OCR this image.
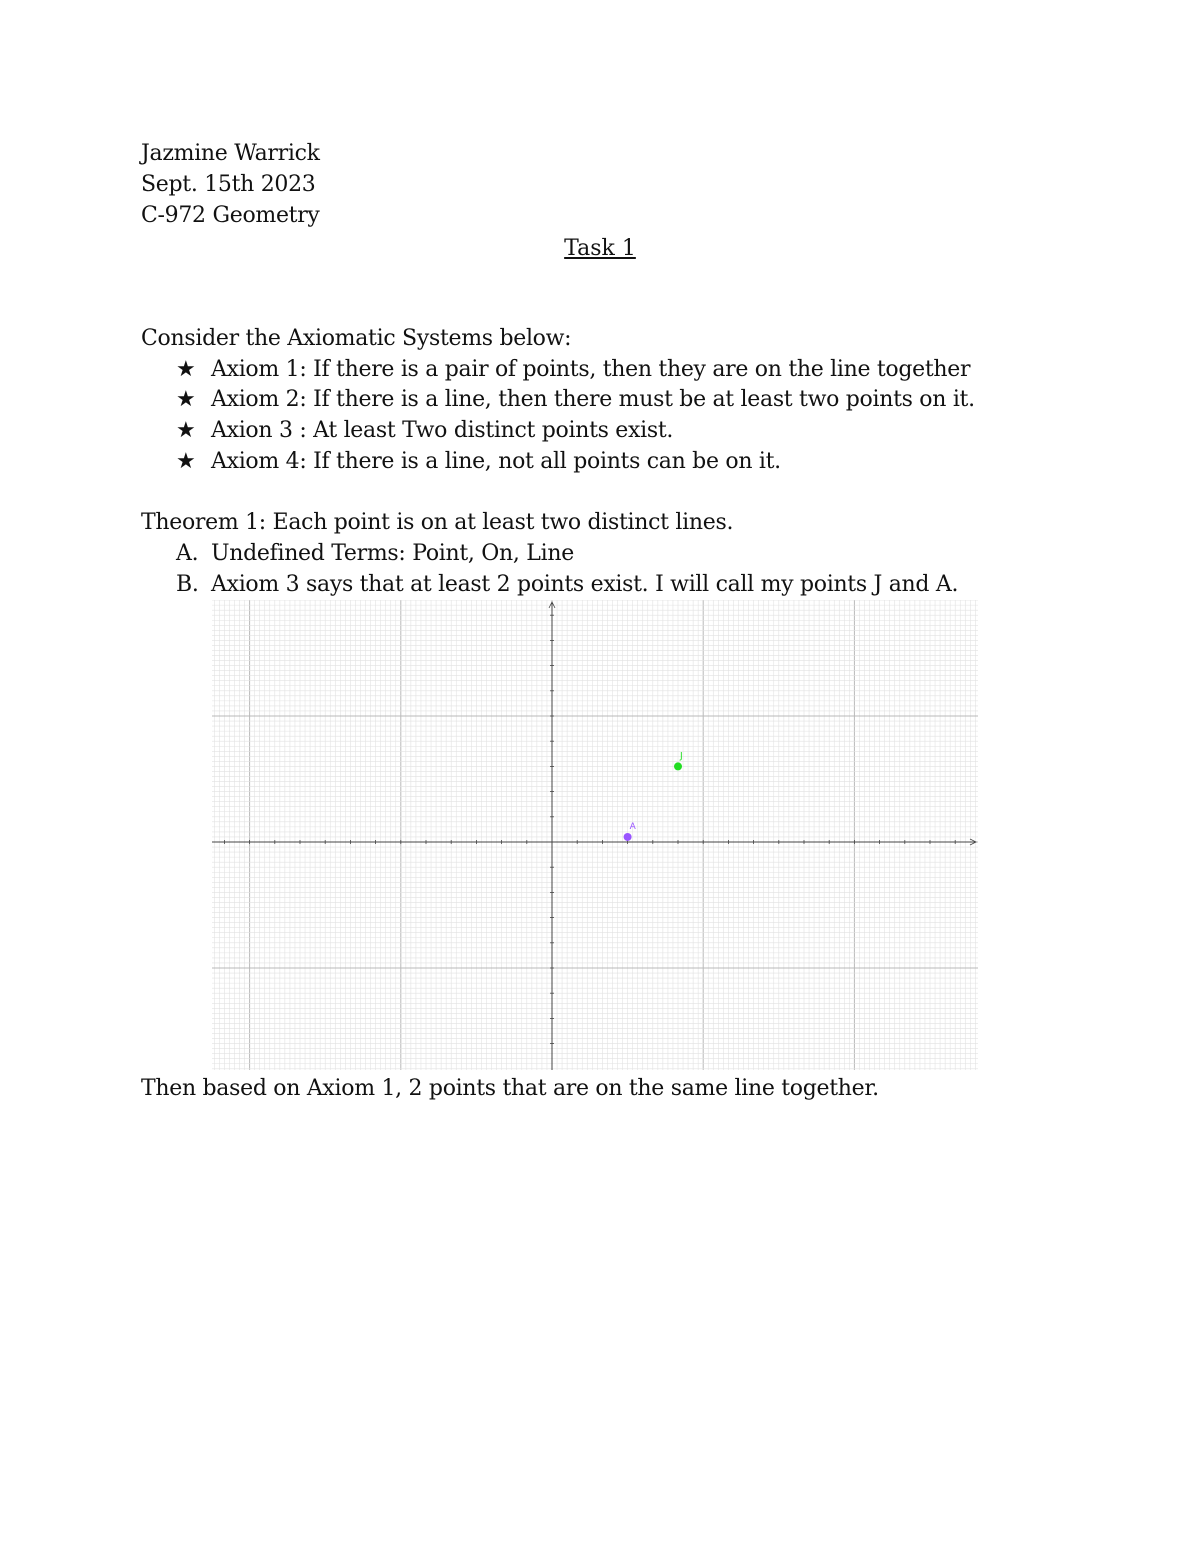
Jazmine Warrick
Sept. 15th 2023
C-972 Geometry
Task 1
Consider the Axiomatic Systems below:
★ Axiom 1: If there is a pair of points, then they are on the line together
★ Axiom 2: If there is a line, then there must be at least two points on it.
★ Axion 3 : At least Two distinct points exist.
★ Axiom 4: If there is a line, not all points can be on it.
Theorem 1: Each point is on at least two distinct lines.
A. Undefined Terms: Point, On, Line
B. Axiom 3 says that at least 2 points exist. I will call my points J and A.
J
A
Then based on Axiom 1, 2 points that are on the same line together.
